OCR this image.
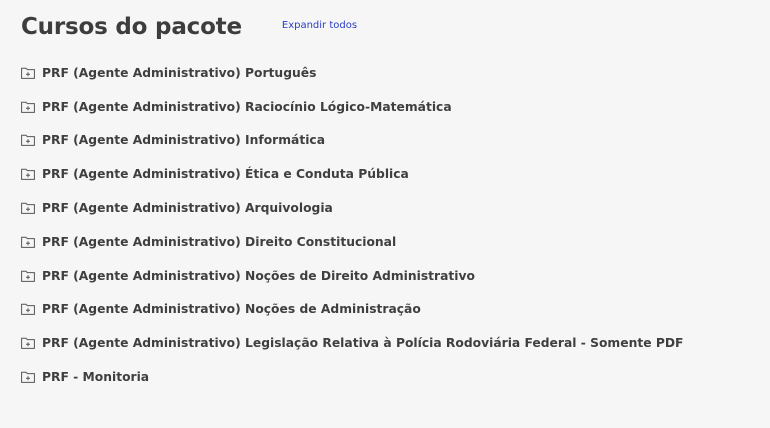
Cursos do pacote	Expandir todos
PRF (Agente Administrativo) Português
PRF (Agente Administrativo) Raciocínio Lógico-Matemática
PRF (Agente Administrativo) Informática
PRF (Agente Administrativo) Ética e Conduta Pública
PRF (Agente Administrativo) Arquivologia
PRF (Agente Administrativo) Direito Constitucional
PRF (Agente Administrativo) Noções de Direito Administrativo
PRF (Agente Administrativo) Noções de Administração
PRF (Agente Administrativo) Legislação Relativa à Polícia Rodoviária Federal - Somente PDF
PRF - Monitoria
